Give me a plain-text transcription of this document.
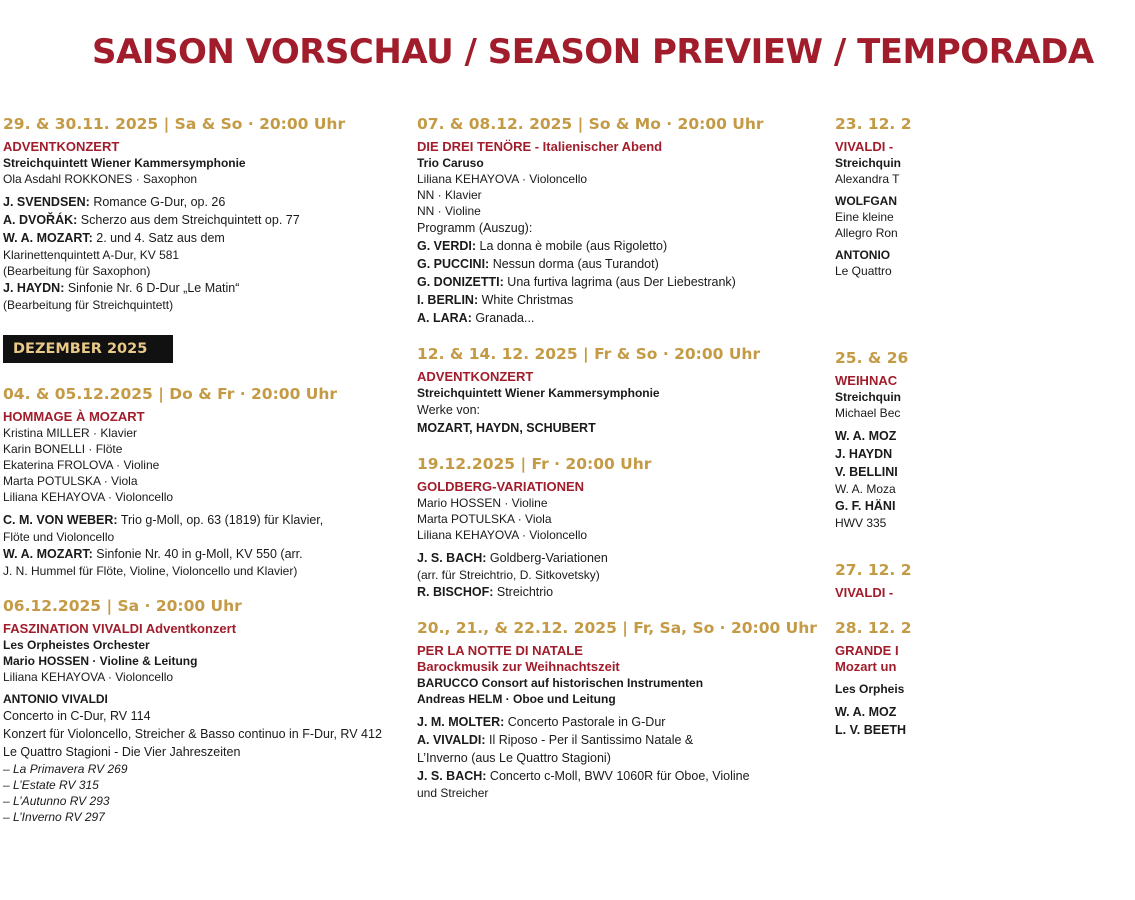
SAISON VORSCHAU / SEASON PREVIEW / TEMPORADA
29. & 30.11. 2025 | Sa & So · 20:00 Uhr
ADVENTKONZERT
Streichquintett Wiener Kammersymphonie
Ola Asdahl ROKKONES · Saxophon
J. SVENDSEN: Romance G-Dur, op. 26
A. DVOŘÁK: Scherzo aus dem Streichquintett op. 77
W. A. MOZART: 2. und 4. Satz aus dem
Klarinettenquintett A-Dur, KV 581
(Bearbeitung für Saxophon)
J. HAYDN: Sinfonie Nr. 6 D-Dur „Le Matin“
(Bearbeitung für Streichquintett)
DEZEMBER 2025
04. & 05.12.2025 | Do & Fr · 20:00 Uhr
HOMMAGE À MOZART
Kristina MILLER · Klavier
Karin BONELLI · Flöte
Ekaterina FROLOVA · Violine
Marta POTULSKA · Viola
Liliana KEHAYOVA · Violoncello
C. M. VON WEBER: Trio g-Moll, op. 63 (1819) für Klavier,
Flöte und Violoncello
W. A. MOZART: Sinfonie Nr. 40 in g-Moll, KV 550 (arr.
J. N. Hummel für Flöte, Violine, Violoncello und Klavier)
06.12.2025 | Sa · 20:00 Uhr
FASZINATION VIVALDI Adventkonzert
Les Orpheistes Orchester
Mario HOSSEN · Violine & Leitung
Liliana KEHAYOVA · Violoncello
ANTONIO VIVALDI
Concerto in C-Dur, RV 114
Konzert für Violoncello, Streicher & Basso continuo in F-Dur, RV 412
Le Quattro Stagioni - Die Vier Jahreszeiten
– La Primavera RV 269
– L’Estate RV 315
– L’Autunno RV 293
– L’Inverno RV 297
07. & 08.12. 2025 | So & Mo · 20:00 Uhr
DIE DREI TENÖRE - Italienischer Abend
Trio Caruso
Liliana KEHAYOVA · Violoncello
NN · Klavier
NN · Violine
Programm (Auszug):
G. VERDI: La donna è mobile (aus Rigoletto)
G. PUCCINI: Nessun dorma (aus Turandot)
G. DONIZETTI: Una furtiva lagrima (aus Der Liebestrank)
I. BERLIN: White Christmas
A. LARA: Granada...
12. & 14. 12. 2025 | Fr & So · 20:00 Uhr
ADVENTKONZERT
Streichquintett Wiener Kammersymphonie
Werke von:
MOZART, HAYDN, SCHUBERT
19.12.2025 | Fr · 20:00 Uhr
GOLDBERG-VARIATIONEN
Mario HOSSEN · Violine
Marta POTULSKA · Viola
Liliana KEHAYOVA · Violoncello
J. S. BACH: Goldberg-Variationen
(arr. für Streichtrio, D. Sitkovetsky)
R. BISCHOF: Streichtrio
20., 21., & 22.12. 2025 | Fr, Sa, So · 20:00 Uhr
PER LA NOTTE DI NATALE
Barockmusik zur Weihnachtszeit
BARUCCO Consort auf historischen Instrumenten
Andreas HELM · Oboe und Leitung
J. M. MOLTER: Concerto Pastorale in G-Dur
A. VIVALDI: Il Riposo - Per il Santissimo Natale &
L’Inverno (aus Le Quattro Stagioni)
J. S. BACH: Concerto c-Moll, BWV 1060R für Oboe, Violine
und Streicher
23. 12. 2
VIVALDI -
Streichquin
Alexandra T
WOLFGAN
Eine kleine
Allegro Ron
ANTONIO
Le Quattro
25. & 26
WEIHNAC
Streichquin
Michael Bec
W. A. MOZ
J. HAYDN
V. BELLINI
W. A. Moza
G. F. HÄNI
HWV 335
27. 12. 2
VIVALDI -
28. 12. 2
GRANDE I
Mozart un
Les Orpheis
W. A. MOZ
L. V. BEETH
